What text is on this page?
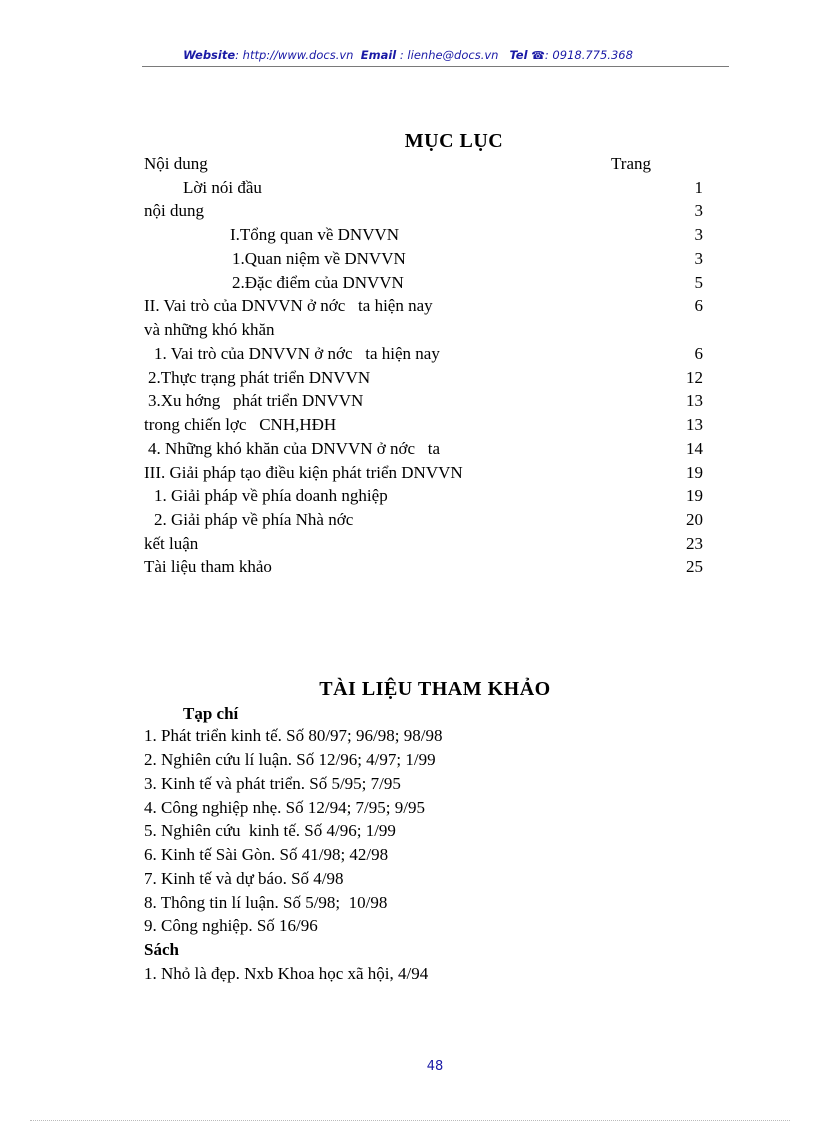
Website: http://www.docs.vn Email : lienhe@docs.vn Tel ☎: 0918.775.368
MỤC LỤC
Nội dung	Trang
Lời nói đầu	1
nội dung	3
I.Tổng quan về DNVVN	3
1.Quan niệm về DNVVN	3
2.Đặc điểm của DNVVN	5
II. Vai trò của DNVVN ở nớc   ta hiện nay	6
và những khó khăn
1. Vai trò của DNVVN ở nớc   ta hiện nay	6
2.Thực trạng phát triển DNVVN	12
3.Xu hớng   phát triển DNVVN	13
trong chiến lợc   CNH,HĐH	13
4. Những khó khăn của DNVVN ở nớc   ta	14
III. Giải pháp tạo điều kiện phát triển DNVVN	19
1. Giải pháp về phía doanh nghiệp	19
2. Giải pháp về phía Nhà nớc	20
kết luận	23
Tài liệu tham khảo	25
TÀI LIỆU THAM KHẢO
Tạp chí
1. Phát triển kinh tế. Số 80/97; 96/98; 98/98
2. Nghiên cứu lí luận. Số 12/96; 4/97; 1/99
3. Kinh tế và phát triển. Số 5/95; 7/95
4. Công nghiệp nhẹ. Số 12/94; 7/95; 9/95
5. Nghiên cứu  kinh tế. Số 4/96; 1/99
6. Kinh tế Sài Gòn. Số 41/98; 42/98
7. Kinh tế và dự báo. Số 4/98
8. Thông tin lí luận. Số 5/98;  10/98
9. Công nghiệp. Số 16/96
Sách
1. Nhỏ là đẹp. Nxb Khoa học xã hội, 4/94
48
